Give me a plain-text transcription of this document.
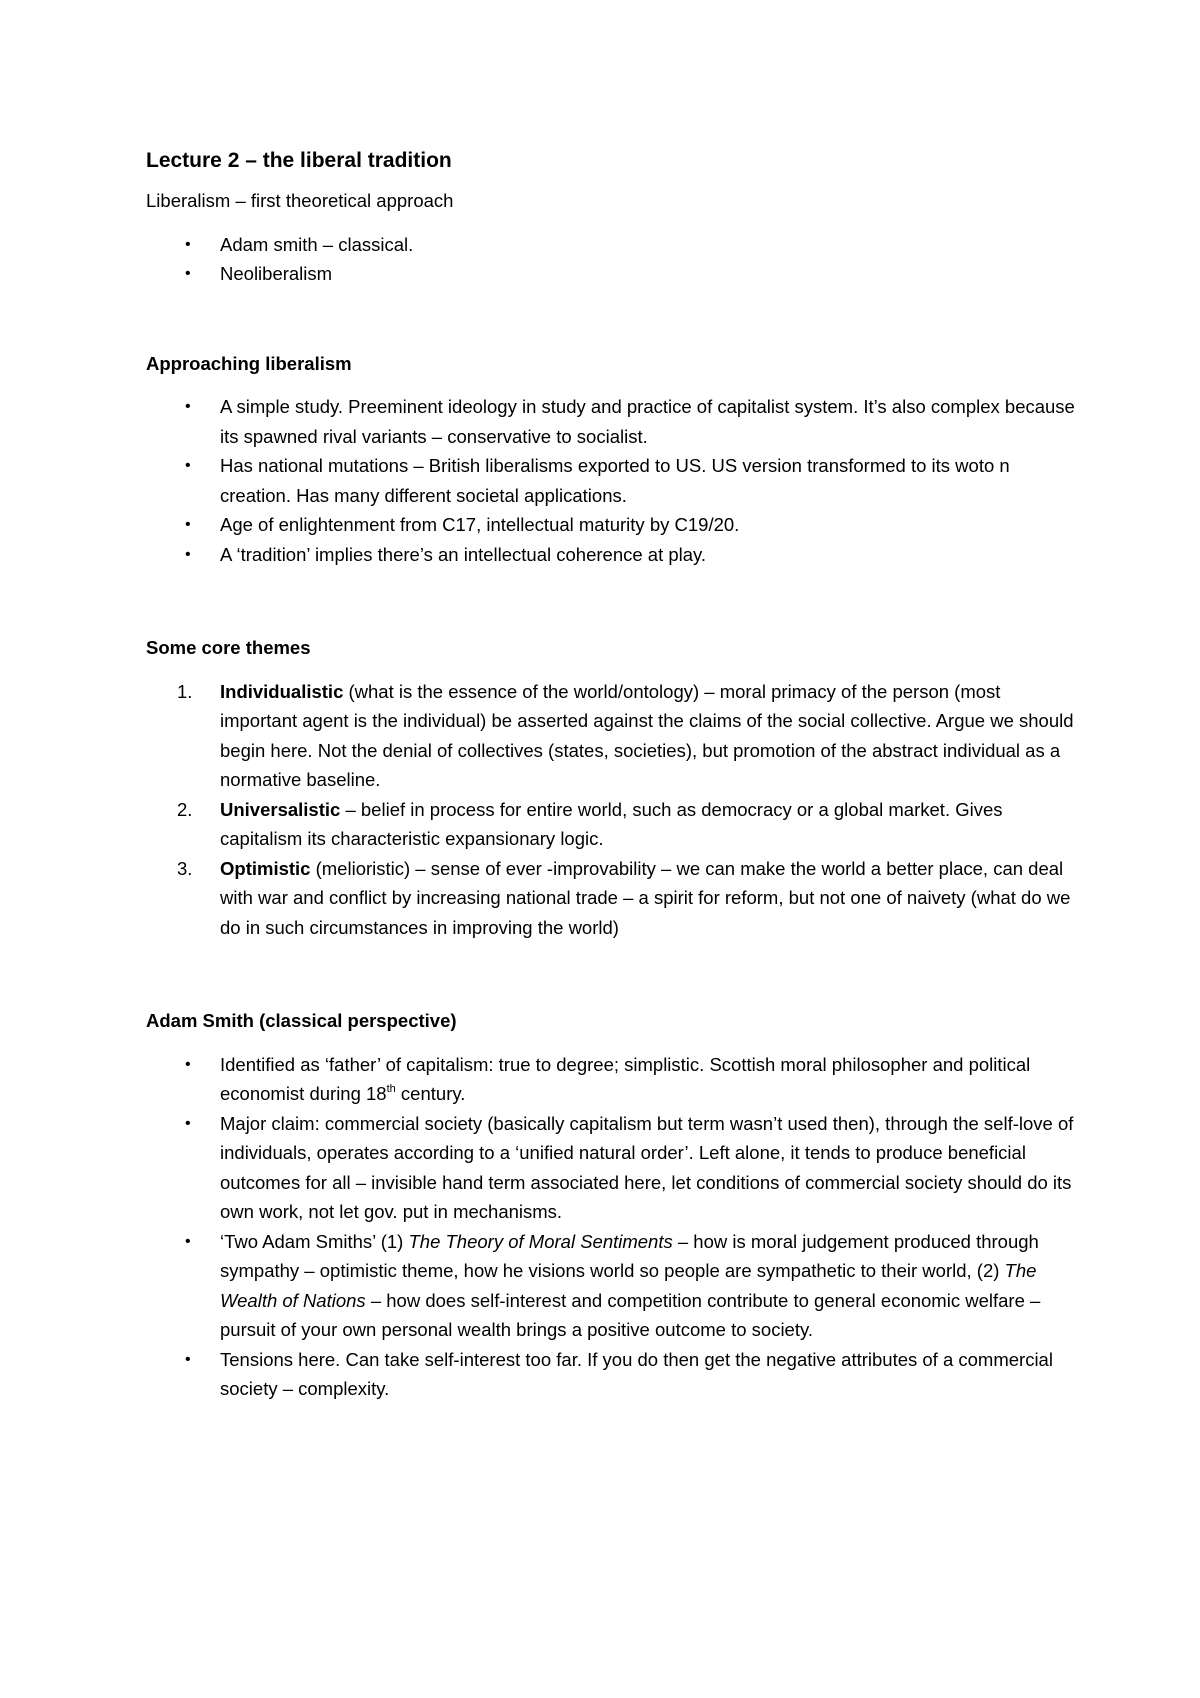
Lecture 2 – the liberal tradition

Liberalism – first theoretical approach

• Adam smith – classical.
• Neoliberalism

Approaching liberalism

• A simple study. Preeminent ideology in study and practice of capitalist system. It’s also complex because its spawned rival variants – conservative to socialist.
• Has national mutations – British liberalisms exported to US. US version transformed to its woto n creation. Has many different societal applications.
• Age of enlightenment from C17, intellectual maturity by C19/20.
• A ‘tradition’ implies there’s an intellectual coherence at play.

Some core themes

1. Individualistic (what is the essence of the world/ontology) – moral primacy of the person (most important agent is the individual) be asserted against the claims of the social collective. Argue we should begin here. Not the denial of collectives (states, societies), but promotion of the abstract individual as a normative baseline.
2. Universalistic – belief in process for entire world, such as democracy or a global market. Gives capitalism its characteristic expansionary logic.
3. Optimistic (melioristic) – sense of ever -improvability – we can make the world a better place, can deal with war and conflict by increasing national trade – a spirit for reform, but not one of naivety (what do we do in such circumstances in improving the world)

Adam Smith (classical perspective)

• Identified as ‘father’ of capitalism: true to degree; simplistic. Scottish moral philosopher and political economist during 18th century.
• Major claim: commercial society (basically capitalism but term wasn’t used then), through the self-love of individuals, operates according to a ‘unified natural order’. Left alone, it tends to produce beneficial outcomes for all – invisible hand term associated here, let conditions of commercial society should do its own work, not let gov. put in mechanisms.
• ‘Two Adam Smiths’ (1) The Theory of Moral Sentiments – how is moral judgement produced through sympathy – optimistic theme, how he visions world so people are sympathetic to their world, (2) The Wealth of Nations – how does self-interest and competition contribute to general economic welfare – pursuit of your own personal wealth brings a positive outcome to society.
• Tensions here. Can take self-interest too far. If you do then get the negative attributes of a commercial society – complexity.
